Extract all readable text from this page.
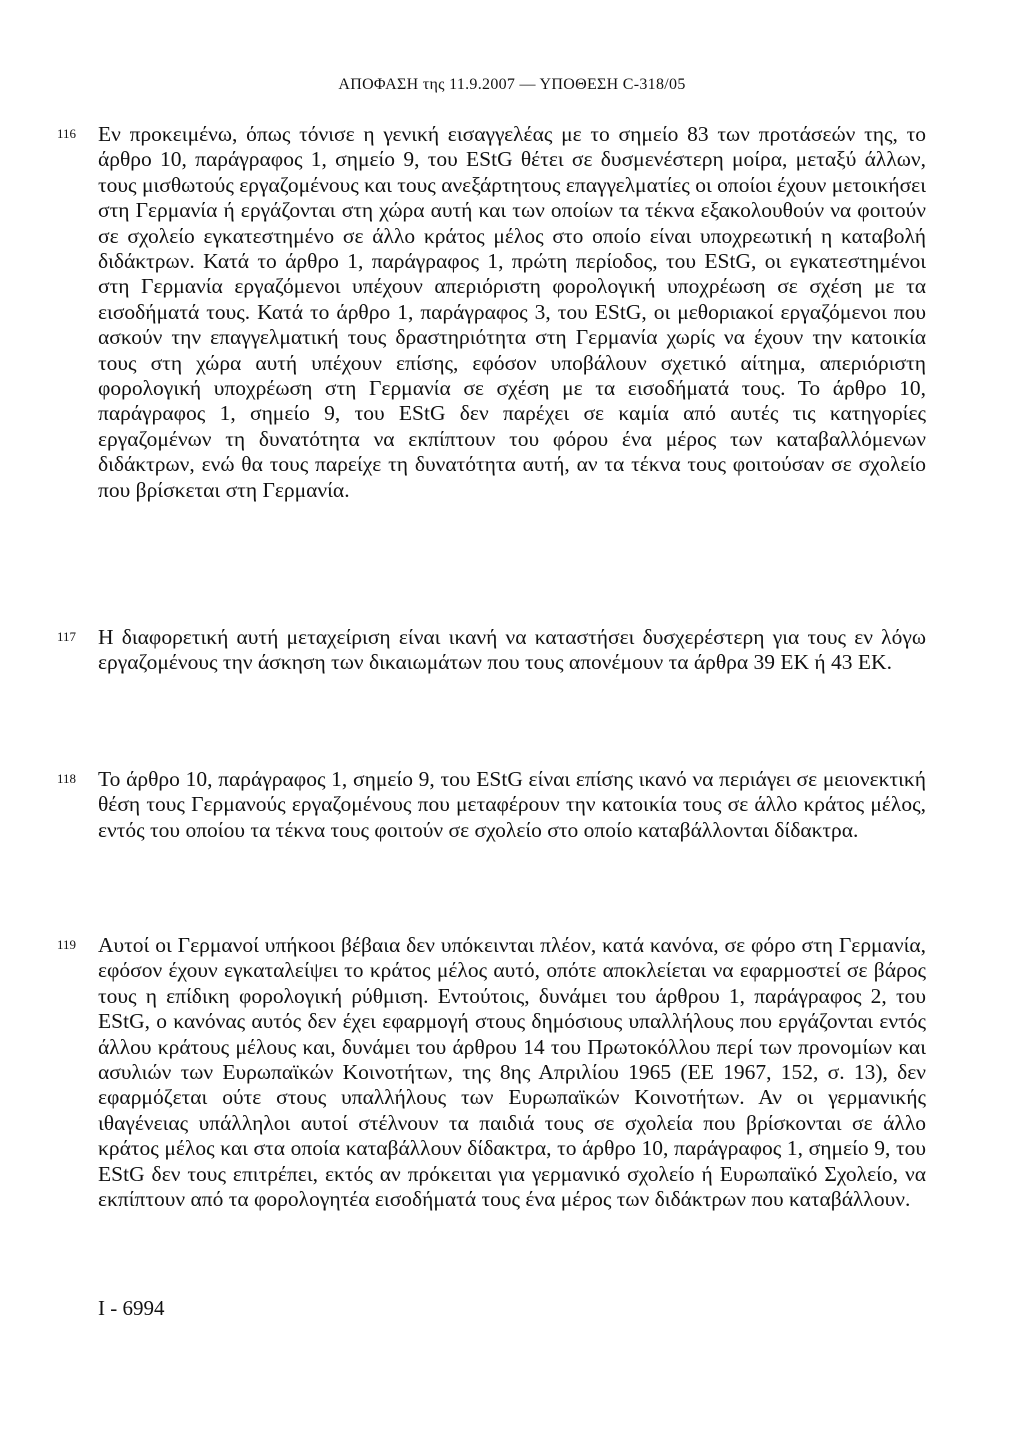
ΑΠΟΦΑΣΗ της 11.9.2007 — ΥΠΟΘΕΣΗ C-318/05
116 Εν προκειμένω, όπως τόνισε η γενική εισαγγελέας με το σημείο 83 των προτάσεών της, το άρθρο 10, παράγραφος 1, σημείο 9, του EStG θέτει σε δυσμενέστερη μοίρα, μεταξύ άλλων, τους μισθωτούς εργαζομένους και τους ανεξάρτητους επαγγελματίες οι οποίοι έχουν μετοικήσει στη Γερμανία ή εργάζονται στη χώρα αυτή και των οποίων τα τέκνα εξακολουθούν να φοιτούν σε σχολείο εγκατεστημένο σε άλλο κράτος μέλος στο οποίο είναι υποχρεωτική η καταβολή διδάκτρων. Κατά το άρθρο 1, παράγραφος 1, πρώτη περίοδος, του EStG, οι εγκατεστημένοι στη Γερμανία εργαζόμενοι υπέχουν απεριόριστη φορολογική υποχρέωση σε σχέση με τα εισοδήματά τους. Κατά το άρθρο 1, παράγραφος 3, του EStG, οι μεθοριακοί εργαζόμενοι που ασκούν την επαγγελματική τους δραστηριότητα στη Γερμανία χωρίς να έχουν την κατοικία τους στη χώρα αυτή υπέχουν επίσης, εφόσον υποβάλουν σχετικό αίτημα, απεριόριστη φορολογική υποχρέωση στη Γερμανία σε σχέση με τα εισοδήματά τους. Το άρθρο 10, παράγραφος 1, σημείο 9, του EStG δεν παρέχει σε καμία από αυτές τις κατηγορίες εργαζομένων τη δυνατότητα να εκπίπτουν του φόρου ένα μέρος των καταβαλλόμενων διδάκτρων, ενώ θα τους παρείχε τη δυνατότητα αυτή, αν τα τέκνα τους φοιτούσαν σε σχολείο που βρίσκεται στη Γερμανία.

117 Η διαφορετική αυτή μεταχείριση είναι ικανή να καταστήσει δυσχερέστερη για τους εν λόγω εργαζομένους την άσκηση των δικαιωμάτων που τους απονέμουν τα άρθρα 39 ΕΚ ή 43 ΕΚ.

118 Το άρθρο 10, παράγραφος 1, σημείο 9, του EStG είναι επίσης ικανό να περιάγει σε μειονεκτική θέση τους Γερμανούς εργαζομένους που μεταφέρουν την κατοικία τους σε άλλο κράτος μέλος, εντός του οποίου τα τέκνα τους φοιτούν σε σχολείο στο οποίο καταβάλλονται δίδακτρα.

119 Αυτοί οι Γερμανοί υπήκοοι βέβαια δεν υπόκεινται πλέον, κατά κανόνα, σε φόρο στη Γερμανία, εφόσον έχουν εγκαταλείψει το κράτος μέλος αυτό, οπότε αποκλείεται να εφαρμοστεί σε βάρος τους η επίδικη φορολογική ρύθμιση. Εντούτοις, δυνάμει του άρθρου 1, παράγραφος 2, του EStG, ο κανόνας αυτός δεν έχει εφαρμογή στους δημόσιους υπαλλήλους που εργάζονται εντός άλλου κράτους μέλους και, δυνάμει του άρθρου 14 του Πρωτοκόλλου περί των προνομίων και ασυλιών των Ευρωπαϊκών Κοινοτήτων, της 8ης Απριλίου 1965 (ΕΕ 1967, 152, σ. 13), δεν εφαρμόζεται ούτε στους υπαλλήλους των Ευρωπαϊκών Κοινοτήτων. Αν οι γερμανικής ιθαγένειας υπάλληλοι αυτοί στέλνουν τα παιδιά τους σε σχολεία που βρίσκονται σε άλλο κράτος μέλος και στα οποία καταβάλλουν δίδακτρα, το άρθρο 10, παράγραφος 1, σημείο 9, του EStG δεν τους επιτρέπει, εκτός αν πρόκειται για γερμανικό σχολείο ή Ευρωπαϊκό Σχολείο, να εκπίπτουν από τα φορολογητέα εισοδήματά τους ένα μέρος των διδάκτρων που καταβάλλουν.

I - 6994
